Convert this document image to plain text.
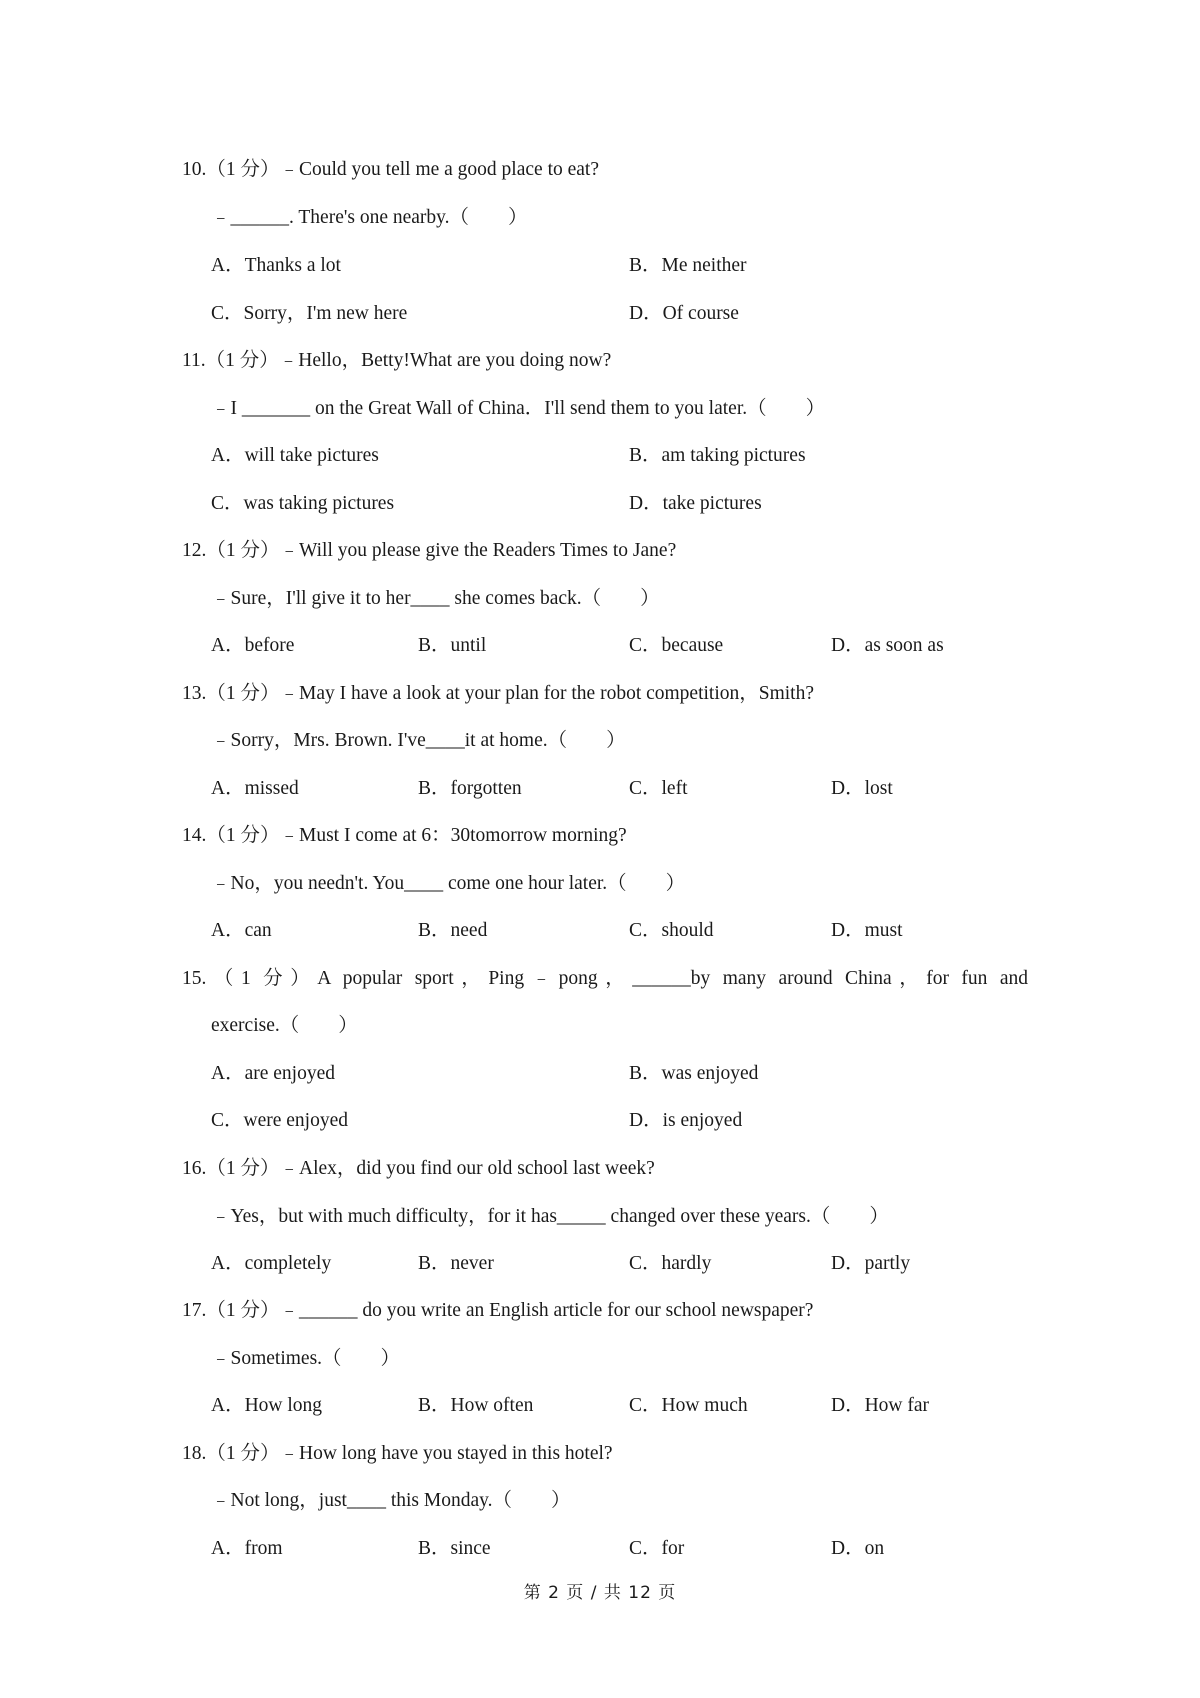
10.（1 分）﹣Could you tell me a good place to eat?
﹣______. There's one nearby.（　　）
A．Thanks a lot	B．Me neither
C．Sorry，I'm new here	D．Of course
11.（1 分）﹣Hello，Betty!What are you doing now?
﹣I _______ on the Great Wall of China．I'll send them to you later.（　　）
A．will take pictures	B．am taking pictures
C．was taking pictures	D．take pictures
12.（1 分）﹣Will you please give the Readers Times to Jane?
﹣Sure，I'll give it to her____ she comes back.（　　）
A．before	B．until	C．because	D．as soon as
13.（1 分）﹣May I have a look at your plan for the robot competition，Smith?
﹣Sorry，Mrs. Brown. I've____it at home.（　　）
A．missed	B．forgotten	C．left	D．lost
14.（1 分）﹣Must I come at 6：30tomorrow morning?
﹣No，you needn't. You____ come one hour later.（　　）
A．can	B．need	C．should	D．must
15.（1 分）A popular sport，Ping﹣pong，______by many around China，for fun and
exercise.（　　）
A．are enjoyed	B．was enjoyed
C．were enjoyed	D．is enjoyed
16.（1 分）﹣Alex，did you find our old school last week?
﹣Yes，but with much difficulty，for it has_____ changed over these years.（　　）
A．completely	B．never	C．hardly	D．partly
17.（1 分）﹣______ do you write an English article for our school newspaper?
﹣Sometimes.（　　）
A．How long	B．How often	C．How much	D．How far
18.（1 分）﹣How long have you stayed in this hotel?
﹣Not long，just____ this Monday.（　　）
A．from	B．since	C．for	D．on
第 2 页 / 共 12 页
